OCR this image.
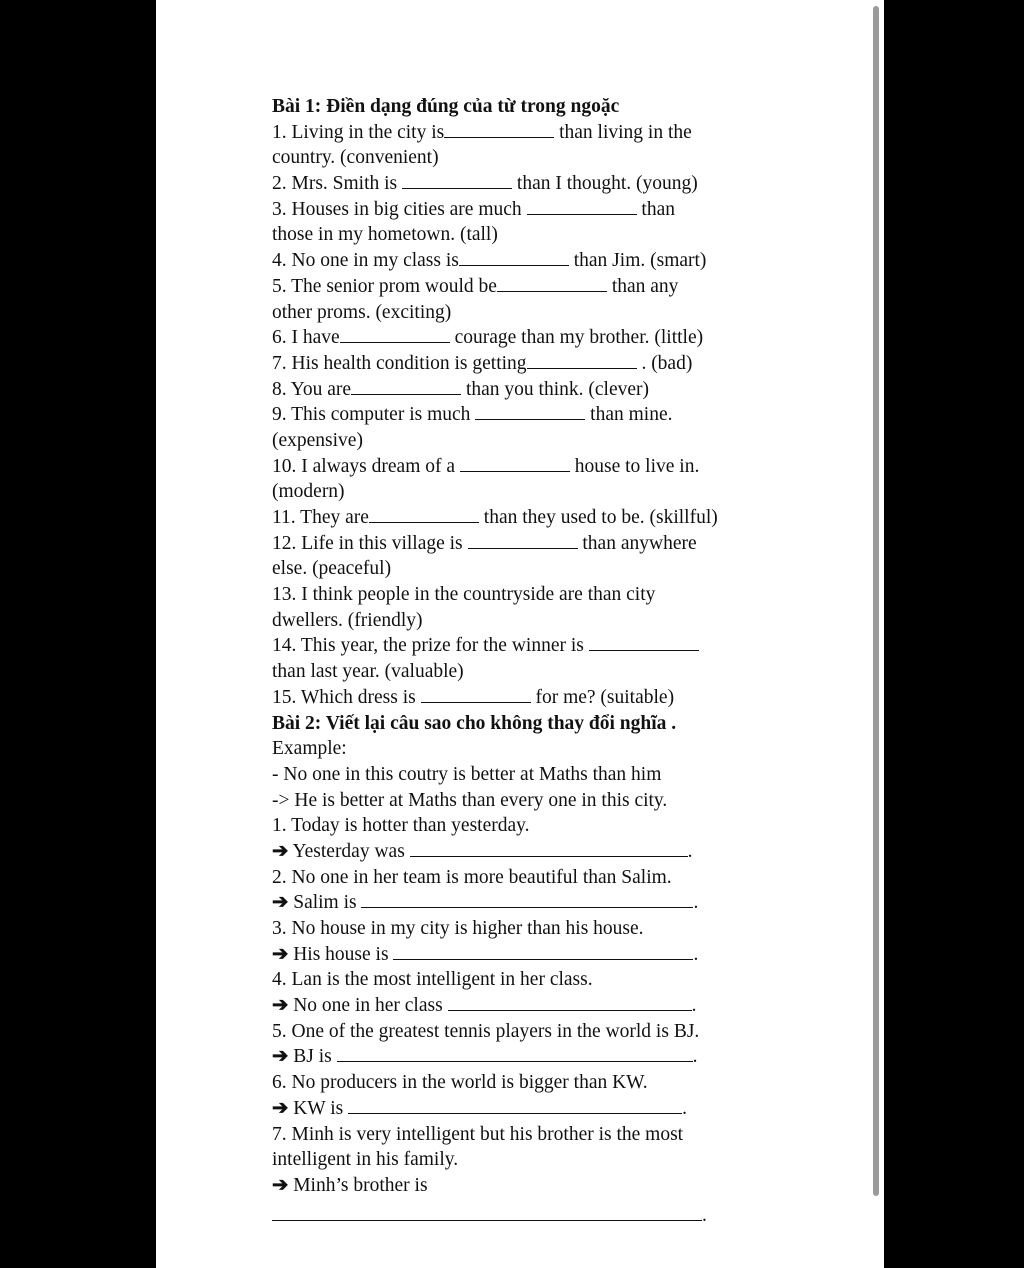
Bài 1: Điền dạng đúng của từ trong ngoặc
1. Living in the city is	than living in the
country. (convenient)
2. Mrs. Smith is	than I thought. (young)
3. Houses in big cities are much	than
those in my hometown. (tall)
4. No one in my class is	than Jim. (smart)
5. The senior prom would be	than any
other proms. (exciting)
6. I have	courage than my brother. (little)
7. His health condition is getting	. (bad)
8. You are	than you think. (clever)
9. This computer is much	than mine.
(expensive)
10. I always dream of a	house to live in.
(modern)
11. They are	than they used to be. (skillful)
12. Life in this village is	than anywhere
else. (peaceful)
13. I think people in the countryside are than city
dwellers. (friendly)
14. This year, the prize for the winner is
than last year. (valuable)
15. Which dress is	for me? (suitable)
Bài 2: Viết lại câu sao cho không thay đổi nghĩa .
Example:
- No one in this coutry is better at Maths than him
-> He is better at Maths than every one in this city.
1. Today is hotter than yesterday.
➔ Yesterday was	.
2. No one in her team is more beautiful than Salim.
➔ Salim is	.
3. No house in my city is higher than his house.
➔ His house is	.
4. Lan is the most intelligent in her class.
➔ No one in her class	.
5. One of the greatest tennis players in the world is BJ.
➔ BJ is	.
6. No producers in the world is bigger than KW.
➔ KW is	.
7. Minh is very intelligent but his brother is the most
intelligent in his family.
➔ Minh’s brother is
.
